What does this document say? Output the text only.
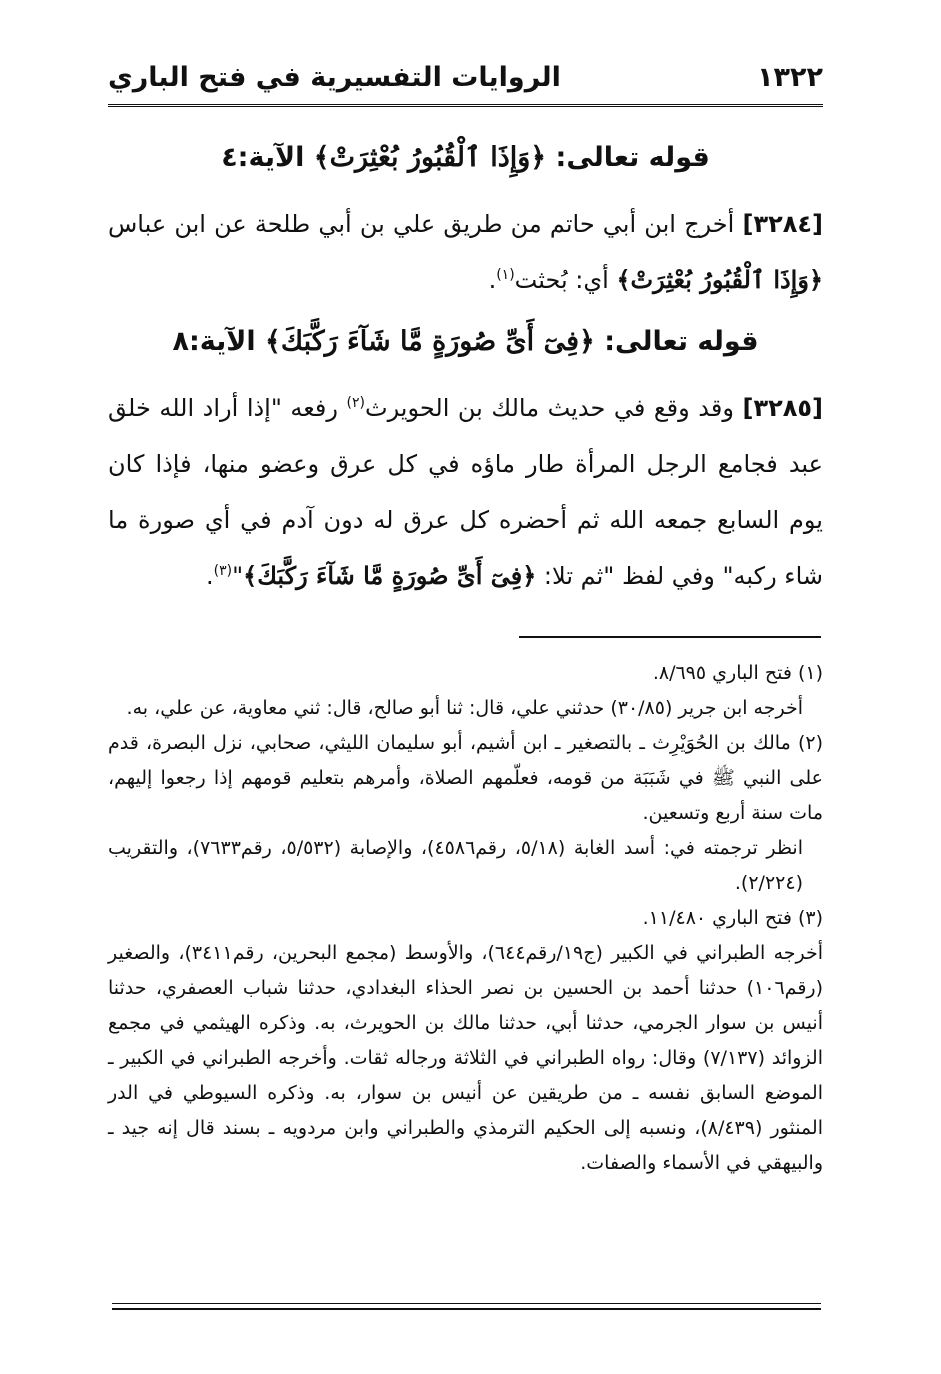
١٣٢٢
الروايات التفسيرية في فتح الباري
قوله تعالى: ﴿وَإِذَا ٱلْقُبُورُ بُعْثِرَتْ﴾ الآية:٤
[٣٢٨٤] أخرج ابن أبي حاتم من طريق علي بن أبي طلحة عن ابن عباس ﴿وَإِذَا ٱلْقُبُورُ بُعْثِرَتْ﴾ أي: بُحثت$^{(١)}$.
قوله تعالى: ﴿فِىٓ أَىِّ صُورَةٍ مَّا شَآءَ رَكَّبَكَ﴾ الآية:٨
[٣٢٨٥] وقد وقع في حديث مالك بن الحويرث$^{(٢)}$ رفعه "إذا أراد الله خلق عبد فجامع الرجل المرأة طار ماؤه في كل عرق وعضو منها، فإذا كان يوم السابع جمعه الله ثم أحضره كل عرق له دون آدم في أي صورة ما شاء ركبه" وفي لفظ "ثم تلا: ﴿فِىٓ أَىِّ صُورَةٍ مَّا شَآءَ رَكَّبَكَ﴾"$^{(٣)}$.
(١) فتح الباري ٨/٦٩٥.
أخرجه ابن جرير (٣٠/٨٥) حدثني علي، قال: ثنا أبو صالح، قال: ثني معاوية، عن علي، به.
(٢) مالك بن الحُوَيْرِث ـ بالتصغير ـ ابن أشيم، أبو سليمان الليثي، صحابي، نزل البصرة، قدم على النبي ﷺ في شَبَبَة من قومه، فعلّمهم الصلاة، وأمرهم بتعليم قومهم إذا رجعوا إليهم، مات سنة أربع وتسعين.
انظر ترجمته في: أسد الغابة (٥/١٨، رقم٤٥٨٦)، والإصابة (٥/٥٣٢، رقم٧٦٣٣)، والتقريب (٢/٢٢٤).
(٣) فتح الباري ١١/٤٨٠.
أخرجه الطبراني في الكبير (ج١٩/رقم٦٤٤)، والأوسط (مجمع البحرين، رقم٣٤١١)، والصغير (رقم١٠٦) حدثنا أحمد بن الحسين بن نصر الحذاء البغدادي، حدثنا شباب العصفري، حدثنا أنيس بن سوار الجرمي، حدثنا أبي، حدثنا مالك بن الحويرث، به. وذكره الهيثمي في مجمع الزوائد (٧/١٣٧) وقال: رواه الطبراني في الثلاثة ورجاله ثقات. وأخرجه الطبراني في الكبير ـ الموضع السابق نفسه ـ من طريقين عن أنيس بن سوار، به. وذكره السيوطي في الدر المنثور (٨/٤٣٩)، ونسبه إلى الحكيم الترمذي والطبراني وابن مردويه ـ بسند قال إنه جيد ـ والبيهقي في الأسماء والصفات.
